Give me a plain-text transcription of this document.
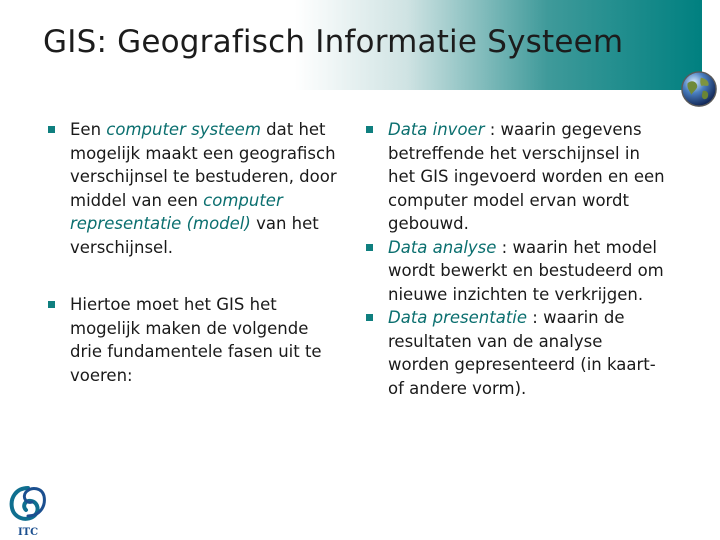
GIS: Geografisch Informatie Systeem
Een computer systeem dat het mogelijk maakt een geografisch verschijnsel te bestuderen, door middel van een computer representatie (model) van het verschijnsel.
Hiertoe moet het GIS het mogelijk maken de volgende drie fundamentele fasen uit te voeren:
Data invoer : waarin gegevens betreffende het verschijnsel in het GIS ingevoerd worden en een computer model ervan wordt gebouwd.
Data analyse : waarin het model wordt bewerkt en bestudeerd om nieuwe inzichten te verkrijgen.
Data presentatie : waarin de resultaten van de analyse worden gepresenteerd (in kaart- of andere vorm).
ITC
